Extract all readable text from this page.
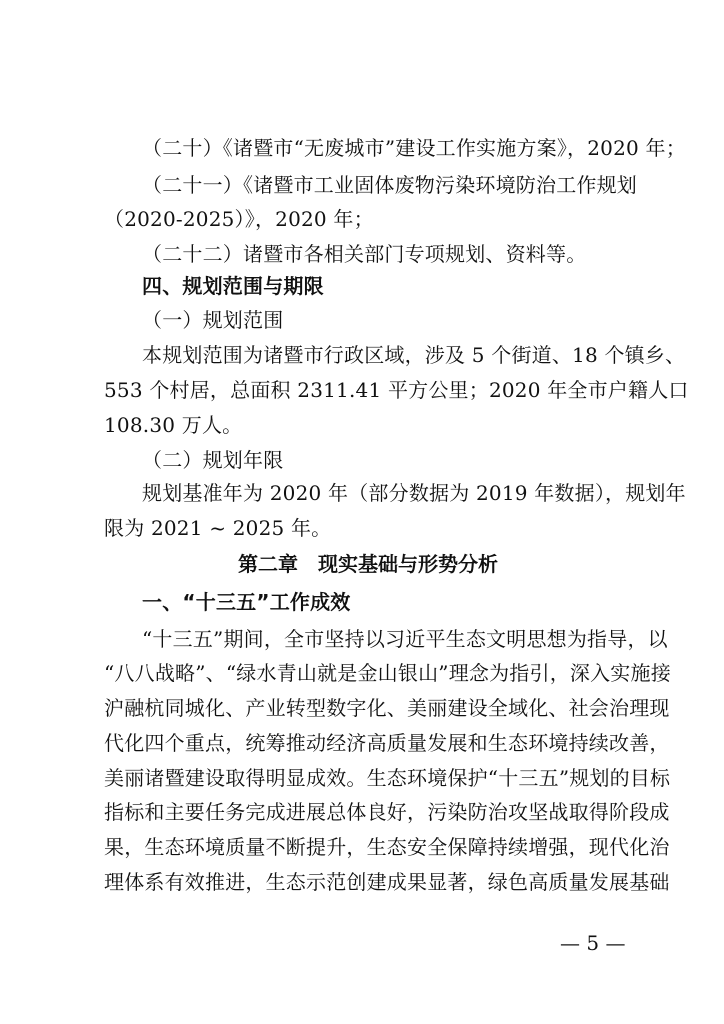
（二十）《诸暨市“无废城市”建设工作实施方案》，2020 年；
（二十一）《诸暨市工业固体废物污染环境防治工作规划
（2020-2025）》，2020 年；
（二十二）诸暨市各相关部门专项规划、资料等。
四、规划范围与期限
（一）规划范围
本规划范围为诸暨市行政区域，涉及 5 个街道、18 个镇乡、
553 个村居，总面积 2311.41 平方公里；2020 年全市户籍人口
108.30 万人。
（二）规划年限
规划基准年为 2020 年（部分数据为 2019 年数据），规划年
限为 2021 ~ 2025 年。
第二章　现实基础与形势分析
一、“十三五”工作成效
“十三五”期间，全市坚持以习近平生态文明思想为指导，以
“八八战略”、“绿水青山就是金山银山”理念为指引，深入实施接
沪融杭同城化、产业转型数字化、美丽建设全域化、社会治理现
代化四个重点，统筹推动经济高质量发展和生态环境持续改善，
美丽诸暨建设取得明显成效。生态环境保护“十三五”规划的目标
指标和主要任务完成进展总体良好，污染防治攻坚战取得阶段成
果，生态环境质量不断提升，生态安全保障持续增强，现代化治
理体系有效推进，生态示范创建成果显著，绿色高质量发展基础
— 5 —
